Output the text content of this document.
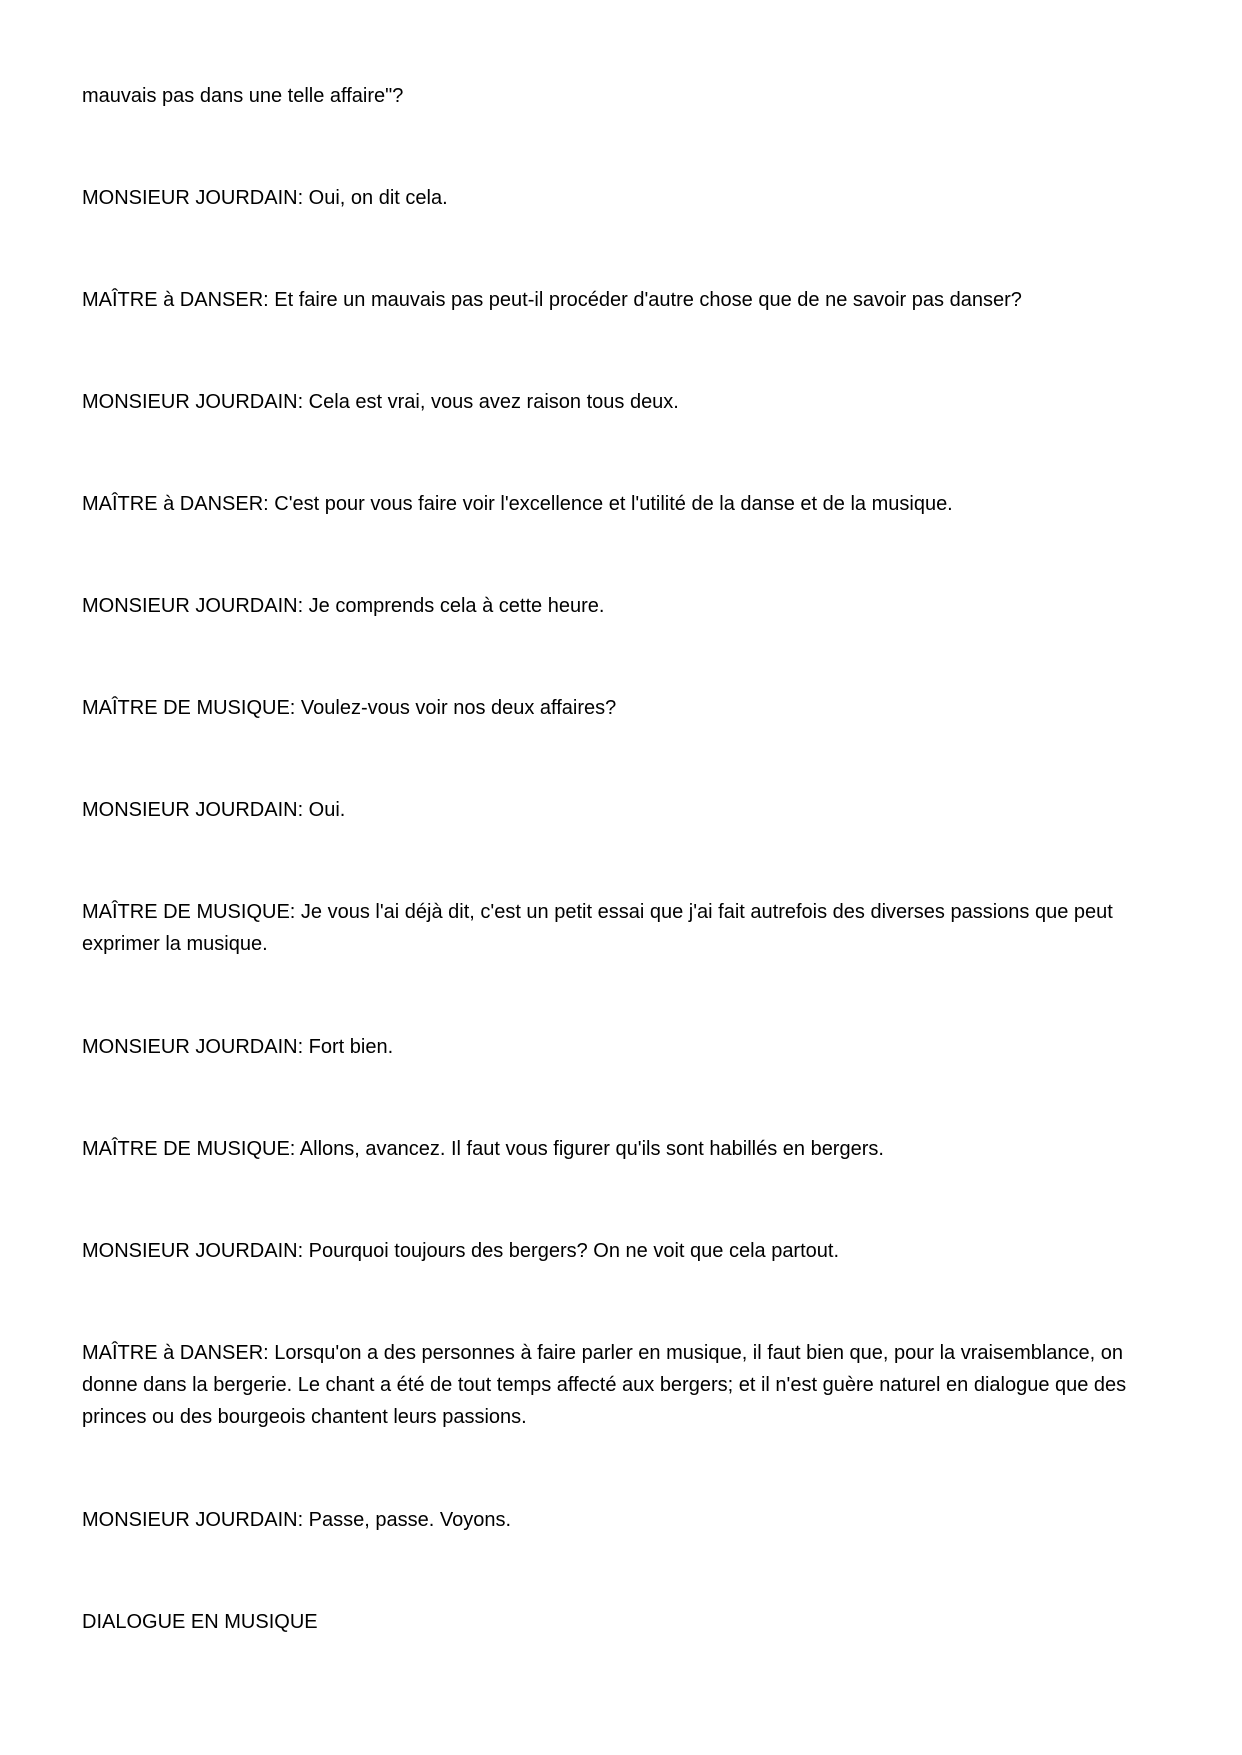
mauvais pas dans une telle affaire"?

MONSIEUR JOURDAIN: Oui, on dit cela.

MAÎTRE à DANSER: Et faire un mauvais pas peut-il procéder d'autre chose que de ne savoir pas danser?

MONSIEUR JOURDAIN: Cela est vrai, vous avez raison tous deux.

MAÎTRE à DANSER: C'est pour vous faire voir l'excellence et l'utilité de la danse et de la musique.

MONSIEUR JOURDAIN: Je comprends cela à cette heure.

MAÎTRE DE MUSIQUE: Voulez-vous voir nos deux affaires?

MONSIEUR JOURDAIN: Oui.

MAÎTRE DE MUSIQUE: Je vous l'ai déjà dit, c'est un petit essai que j'ai fait autrefois des diverses passions que peut exprimer la musique.

MONSIEUR JOURDAIN: Fort bien.

MAÎTRE DE MUSIQUE: Allons, avancez. Il faut vous figurer qu'ils sont habillés en bergers.

MONSIEUR JOURDAIN: Pourquoi toujours des bergers? On ne voit que cela partout.

MAÎTRE à DANSER: Lorsqu'on a des personnes à faire parler en musique, il faut bien que, pour la vraisemblance, on donne dans la bergerie. Le chant a été de tout temps affecté aux bergers; et il n'est guère naturel en dialogue que des princes ou des bourgeois chantent leurs passions.

MONSIEUR JOURDAIN: Passe, passe. Voyons.

DIALOGUE EN MUSIQUE
